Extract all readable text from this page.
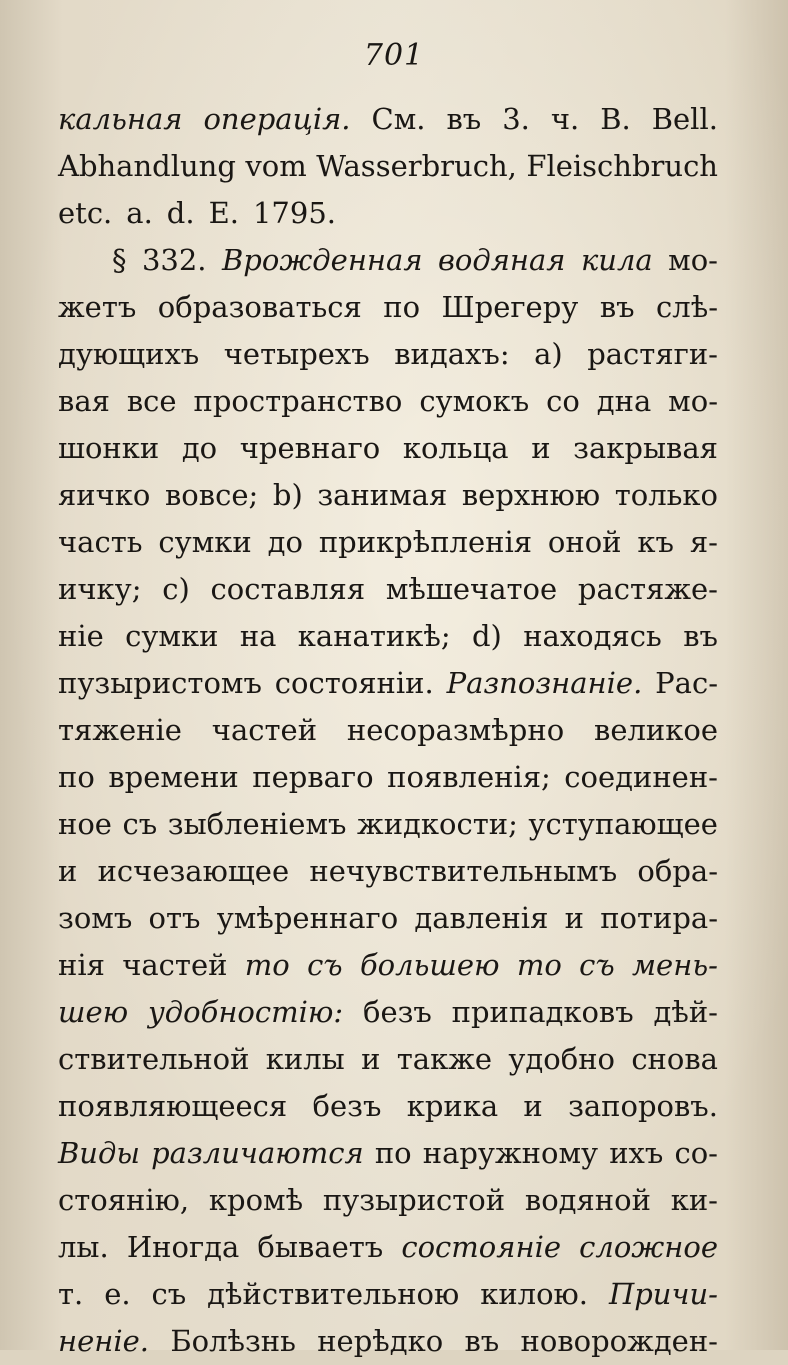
701
кальная операція. См. въ 3. ч. B. Bell.
Abhandlung vom Wasserbruch, Fleischbruch
etc. a. d. E. 1795.
§ 332. Врожденная водяная кила мо-
жетъ образоваться по Шрегеру въ слѣ-
дующихъ четырехъ видахъ: а) растяги-
вая все пространство сумокъ со дна мо-
шонки до чревнаго кольца и закрывая
яичко вовсе; b) занимая верхнюю только
часть сумки до прикрѣпленія оной къ я-
ичку; c) составляя мѣшечатое растяже-
ніе сумки на канатикѣ; d) находясь въ
пузыристомъ состояніи. Разпознаніе. Рас-
тяженіе частей несоразмѣрно великое
по времени перваго появленія; соединен-
ное съ зыбленіемъ жидкости; уступающее
и исчезающее нечувствительнымъ обра-
зомъ отъ умѣреннаго давленія и потира-
нія частей то съ большею то съ мень-
шею удобностію: безъ припадковъ дѣй-
ствительной килы и также удобно снова
появляющееся безъ крика и запоровъ.
Виды различаются по наружному ихъ со-
стоянію, кромѣ пузыристой водяной ки-
лы. Иногда бываетъ состояніе сложное
т. е. съ дѣйствительною килою. Причи-
неніе. Болѣзнь нерѣдко въ новорожден-
